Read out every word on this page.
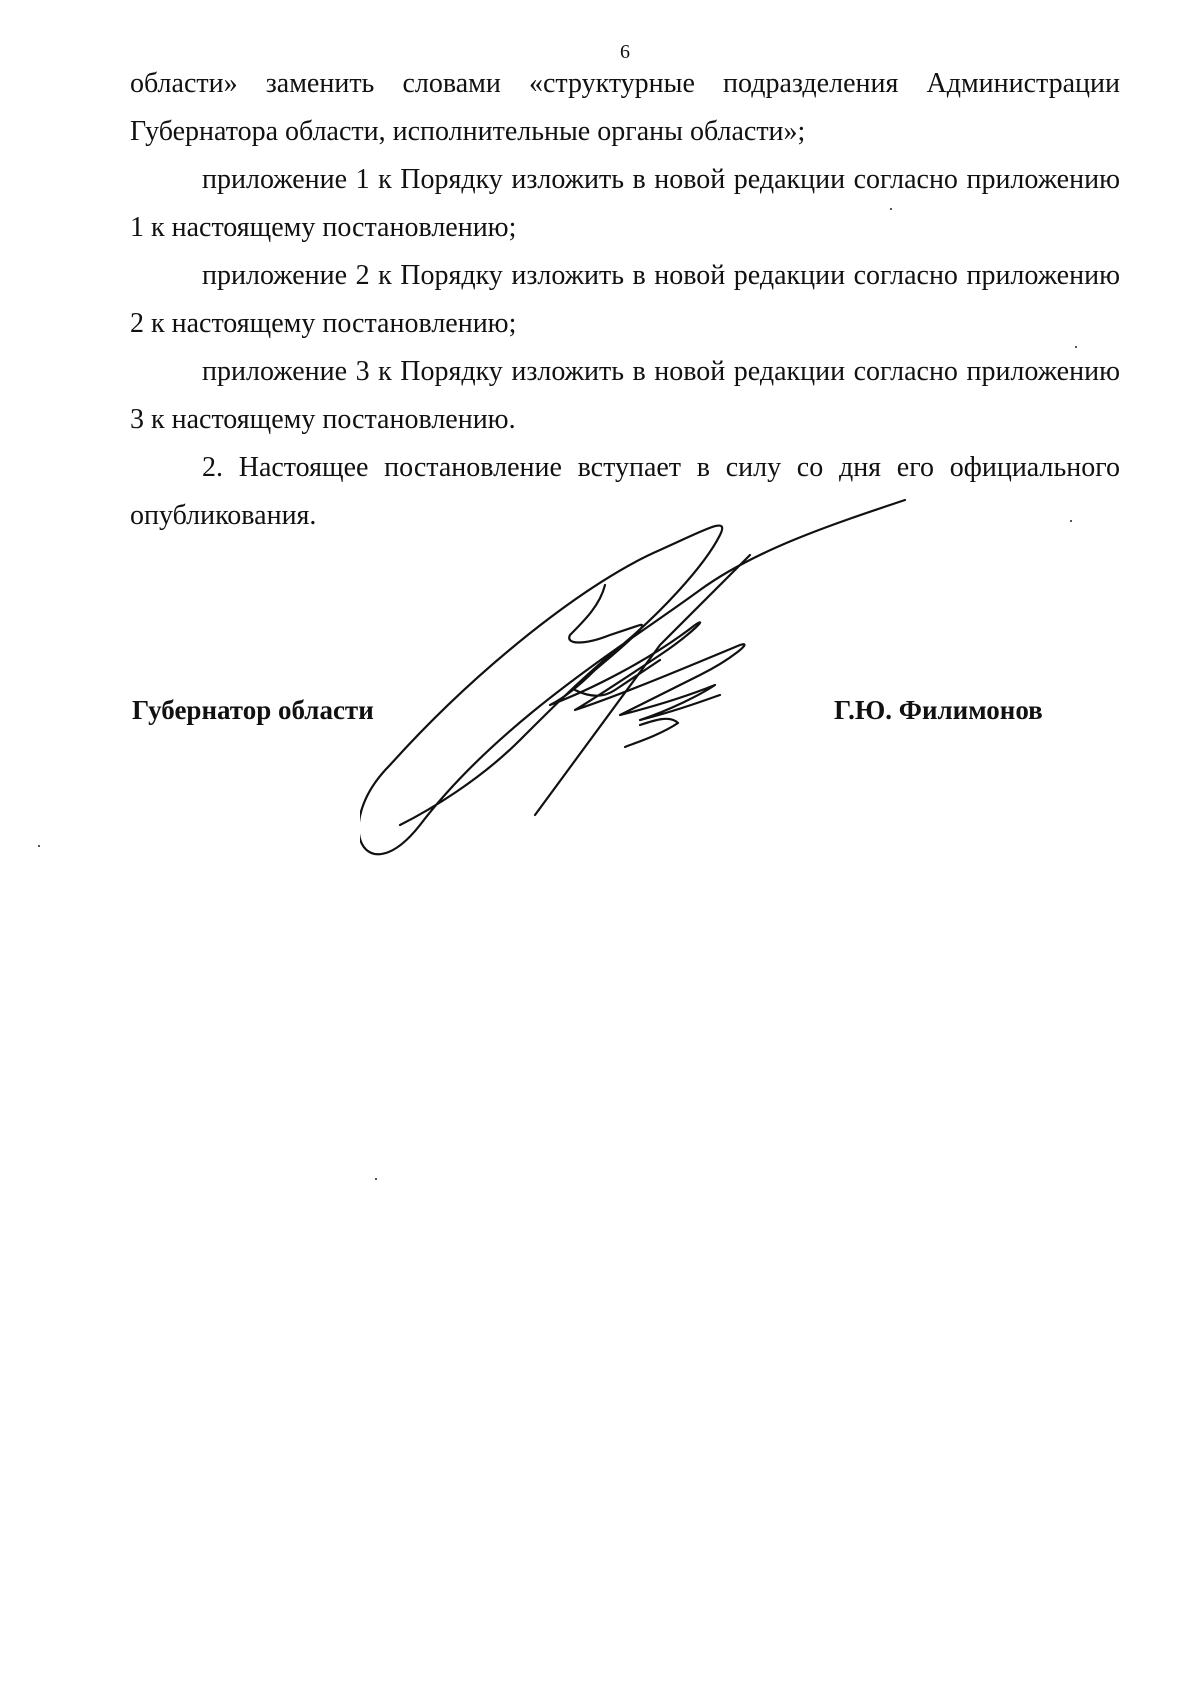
6

области» заменить словами «структурные подразделения Администрации Губернатора области, исполнительные органы области»;

приложение 1 к Порядку изложить в новой редакции согласно приложению 1 к настоящему постановлению;

приложение 2 к Порядку изложить в новой редакции согласно приложению 2 к настоящему постановлению;

приложение 3 к Порядку изложить в новой редакции согласно приложению 3 к настоящему постановлению.

2. Настоящее постановление вступает в силу со дня его официального опубликования.

Губернатор области	Г.Ю. Филимонов
